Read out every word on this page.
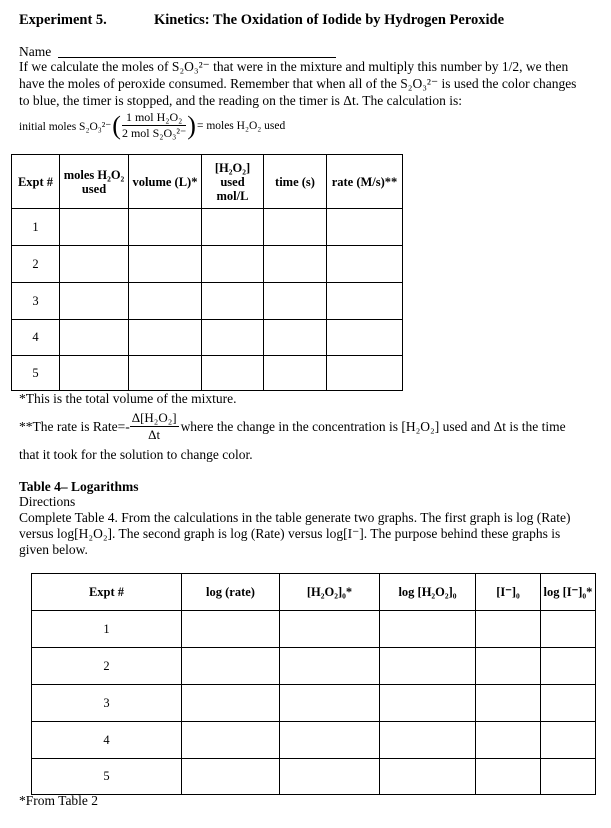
Experiment 5.	Kinetics: The Oxidation of Iodide by Hydrogen Peroxide
Name
If we calculate the moles of S₂O₃²⁻ that were in the mixture and multiply this number by 1/2, we then
have the moles of peroxide consumed. Remember that when all of the S₂O₃²⁻ is used the color changes
to blue, the timer is stopped, and the reading on the timer is Δt. The calculation is:
initial moles S₂O₃²⁻ ( $\frac{\text{1 mol H₂O₂}}{\text{2 mol S₂O₃²⁻}}$ ) = moles H₂O₂ used
Expt #	moles H₂O₂ used	volume (L)*	[H₂O₂] used mol/L	time (s)	rate (M/s)**
1					
2					
3					
4					
5					
*This is the total volume of the mixture.
**The rate is Rate=- $\frac{\text{Δ[H₂O₂]}}{\Delta t}$ where the change in the concentration is [H₂O₂] used and Δt is the time
that it took for the solution to change color.
Table 4– Logarithms
Directions
Complete Table 4. From the calculations in the table generate two graphs. The first graph is log (Rate)
versus log[H₂O₂]. The second graph is log (Rate) versus log[I⁻]. The purpose behind these graphs is
given below.
Expt #	log (rate)	[H₂O₂]₀*	log [H₂O₂]₀	[I⁻]₀	log [I⁻]₀*
1					
2					
3					
4					
5					
*From Table 2
